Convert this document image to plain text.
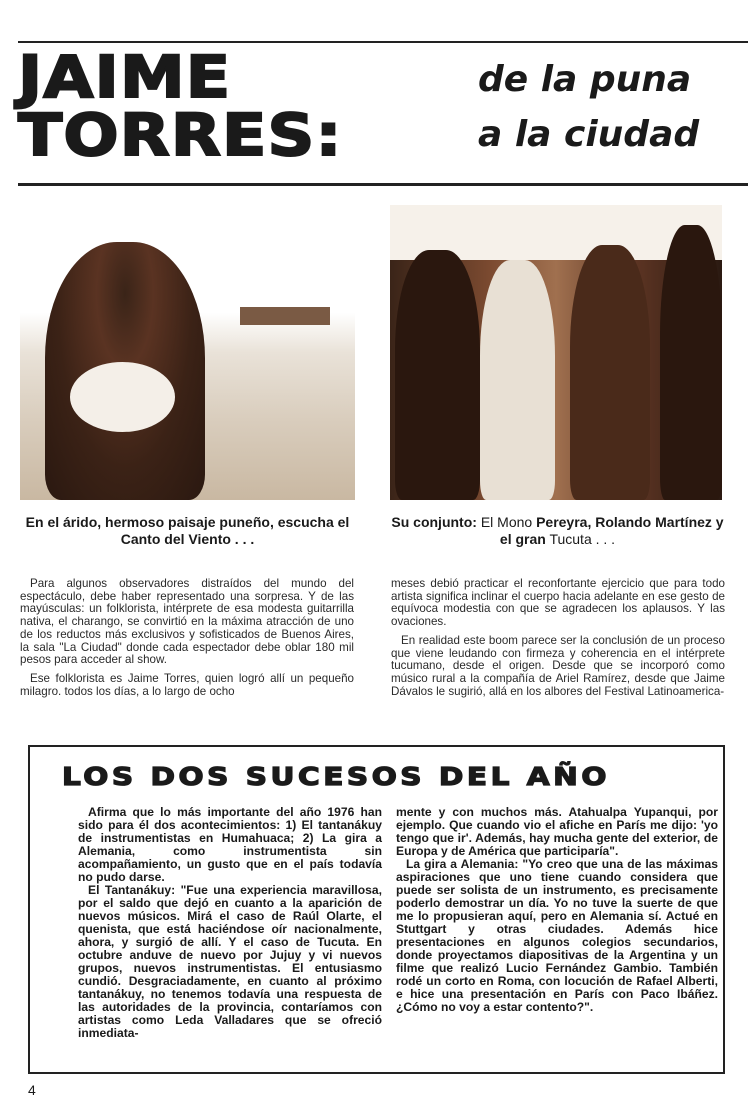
JAIME
TORRES:
de la puna
a la ciudad
En el árido, hermoso paisaje puneño, escucha el Canto del Viento . . .
Su conjunto: El Mono Pereyra, Rolando Martínez y el gran Tucuta . . .

Para algunos observadores distraídos del mundo del espectáculo, debe haber representado una sorpresa. Y de las mayúsculas: un folklorista, intérprete de esa modesta guitarrilla nativa, el charango, se convirtió en la máxima atracción de uno de los reductos más exclusivos y sofisticados de Buenos Aires, la sala "La Ciudad" donde cada espectador debe oblar 180 mil pesos para acceder al show.

Ese folklorista es Jaime Torres, quien logró allí un pequeño milagro. todos los días, a lo largo de ocho

meses debió practicar el reconfortante ejercicio que para todo artista significa inclinar el cuerpo hacia adelante en ese gesto de equívoca modestia con que se agradecen los aplausos. Y las ovaciones.

En realidad este boom parece ser la conclusión de un proceso que viene leudando con firmeza y coherencia en el intérprete tucumano, desde el origen. Desde que se incorporó como músico rural a la compañía de Ariel Ramírez, desde que Jaime Dávalos le sugirió, allá en los albores del Festival Latinoamerica-

LOS DOS SUCESOS DEL AÑO

Afirma que lo más importante del año 1976 han sido para él dos acontecimientos: 1) El tantanákuy de instrumentistas en Humahuaca; 2) La gira a Alemania, como instrumentista sin acompañamiento, un gusto que en el país todavía no pudo darse.

El Tantanákuy: "Fue una experiencia maravillosa, por el saldo que dejó en cuanto a la aparición de nuevos músicos. Mirá el caso de Raúl Olarte, el quenista, que está haciéndose oír nacionalmente, ahora, y surgió de allí. Y el caso de Tucuta. En octubre anduve de nuevo por Jujuy y vi nuevos grupos, nuevos instrumentistas. El entusiasmo cundió. Desgraciadamente, en cuanto al próximo tantanákuy, no tenemos todavía una respuesta de las autoridades de la provincia, contaríamos con artistas como Leda Valladares que se ofreció inmediata-

mente y con muchos más. Atahualpa Yupanqui, por ejemplo. Que cuando vio el afiche en París me dijo: 'yo tengo que ir'. Además, hay mucha gente del exterior, de Europa y de América que participaría".

La gira a Alemania: "Yo creo que una de las máximas aspiraciones que uno tiene cuando considera que puede ser solista de un instrumento, es precisamente poderlo demostrar un día. Yo no tuve la suerte de que me lo propusieran aquí, pero en Alemania sí. Actué en Stuttgart y otras ciudades. Además hice presentaciones en algunos colegios secundarios, donde proyectamos diapositivas de la Argentina y un filme que realizó Lucio Fernández Gambio. También rodé un corto en Roma, con locución de Rafael Alberti, e hice una presentación en París con Paco Ibáñez. ¿Cómo no voy a estar contento?".

4
